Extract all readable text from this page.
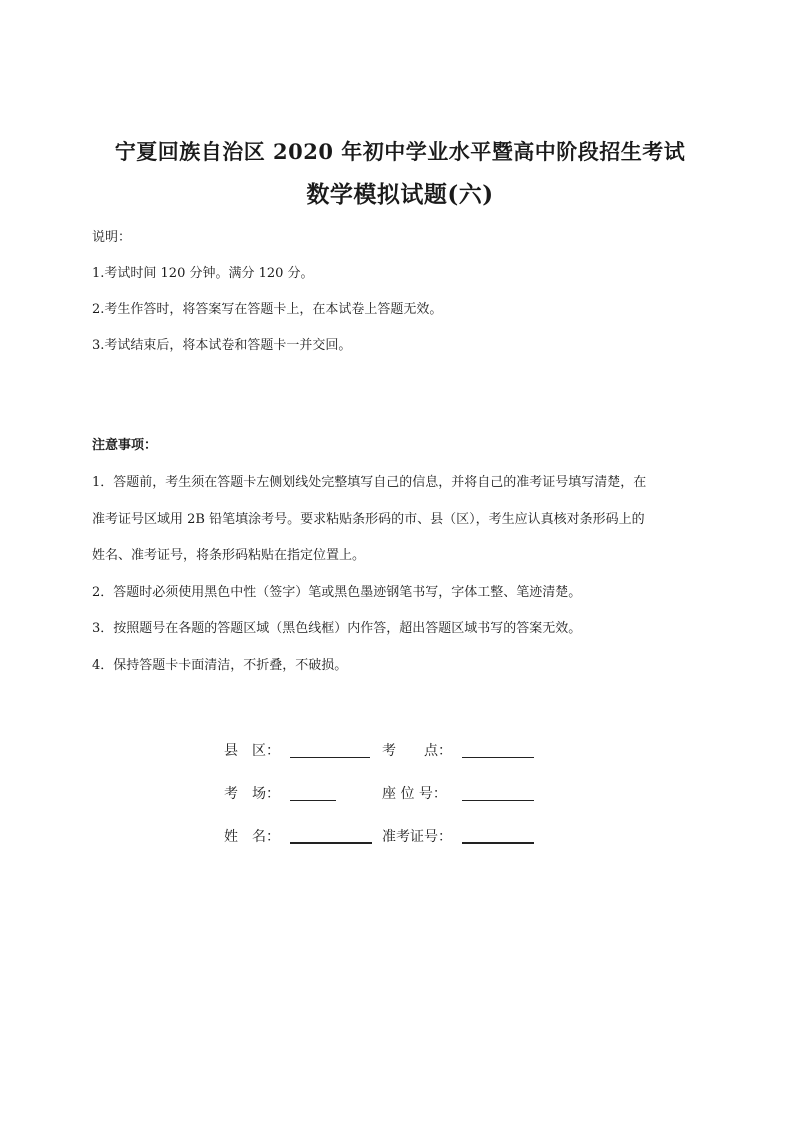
宁夏回族自治区 2020 年初中学业水平暨高中阶段招生考试
数学模拟试题(六)
说明：
1.考试时间 120 分钟。满分 120 分。
2.考生作答时，将答案写在答题卡上，在本试卷上答题无效。
3.考试结束后，将本试卷和答题卡一并交回。
注意事项：
1．答题前，考生须在答题卡左侧划线处完整填写自己的信息，并将自己的准考证号填写清楚，在
准考证号区域用 2B 铅笔填涂考号。要求粘贴条形码的市、县（区），考生应认真核对条形码上的
姓名、准考证号，将条形码粘贴在指定位置上。
2．答题时必须使用黑色中性（签字）笔或黑色墨迹钢笔书写，字体工整、笔迹清楚。
3．按照题号在各题的答题区域（黑色线框）内作答，超出答题区域书写的答案无效。
4．保持答题卡卡面清洁，不折叠，不破损。
县　区：	考　　点：
考　场：	座 位 号：
姓　名：	准考证号：
